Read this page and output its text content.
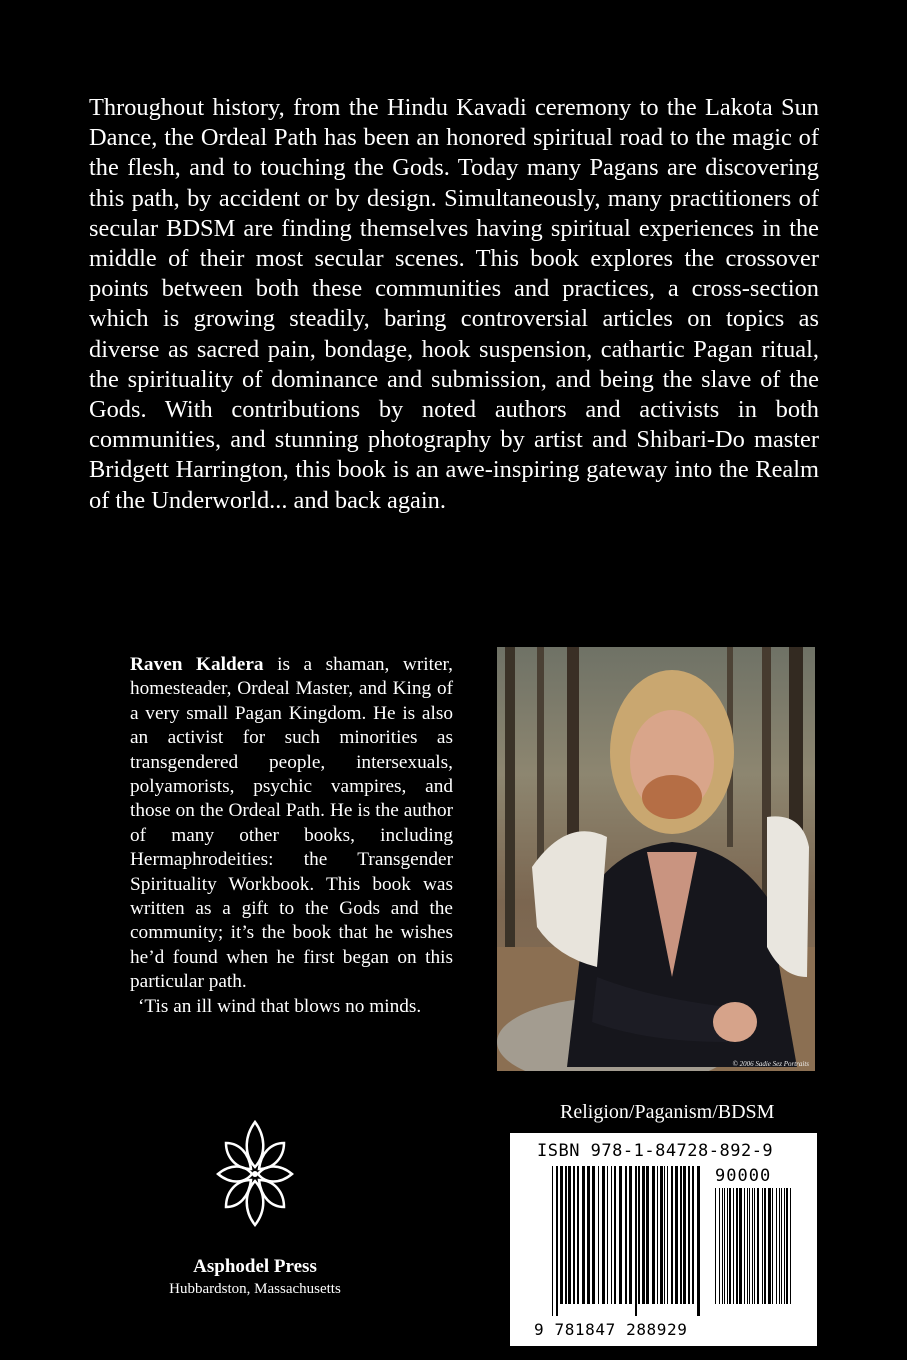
Throughout history, from the Hindu Kavadi ceremony to the Lakota Sun Dance, the Ordeal Path has been an honored spiritual road to the magic of the flesh, and to touching the Gods. Today many Pagans are discovering this path, by accident or by design. Simultaneously, many practitioners of secular BDSM are finding themselves having spiritual experiences in the middle of their most secular scenes. This book explores the crossover points between both these communities and practices, a cross-section which is growing steadily, baring controversial articles on topics as diverse as sacred pain, bondage, hook suspension, cathartic Pagan ritual, the spirituality of dominance and submission, and being the slave of the Gods. With contributions by noted authors and activists in both communities, and stunning photography by artist and Shibari-Do master Bridgett Harrington, this book is an awe-inspiring gateway into the Realm of the Underworld... and back again.

Raven Kaldera is a shaman, writer, homesteader, Ordeal Master, and King of a very small Pagan Kingdom. He is also an activist for such minorities as transgendered people, intersexuals, polyamorists, psychic vampires, and those on the Ordeal Path. He is the author of many other books, including Hermaphrodeities: the Transgender Spirituality Workbook. This book was written as a gift to the Gods and the community; it’s the book that he wishes he’d found when he first began on this particular path.
‘Tis an ill wind that blows no minds.

© 2006 Sadie Sez Portraits

Religion/Paganism/BDSM

ISBN 978-1-84728-892-9
90000
9 781847 288929

Asphodel Press

Hubbardston, Massachusetts
